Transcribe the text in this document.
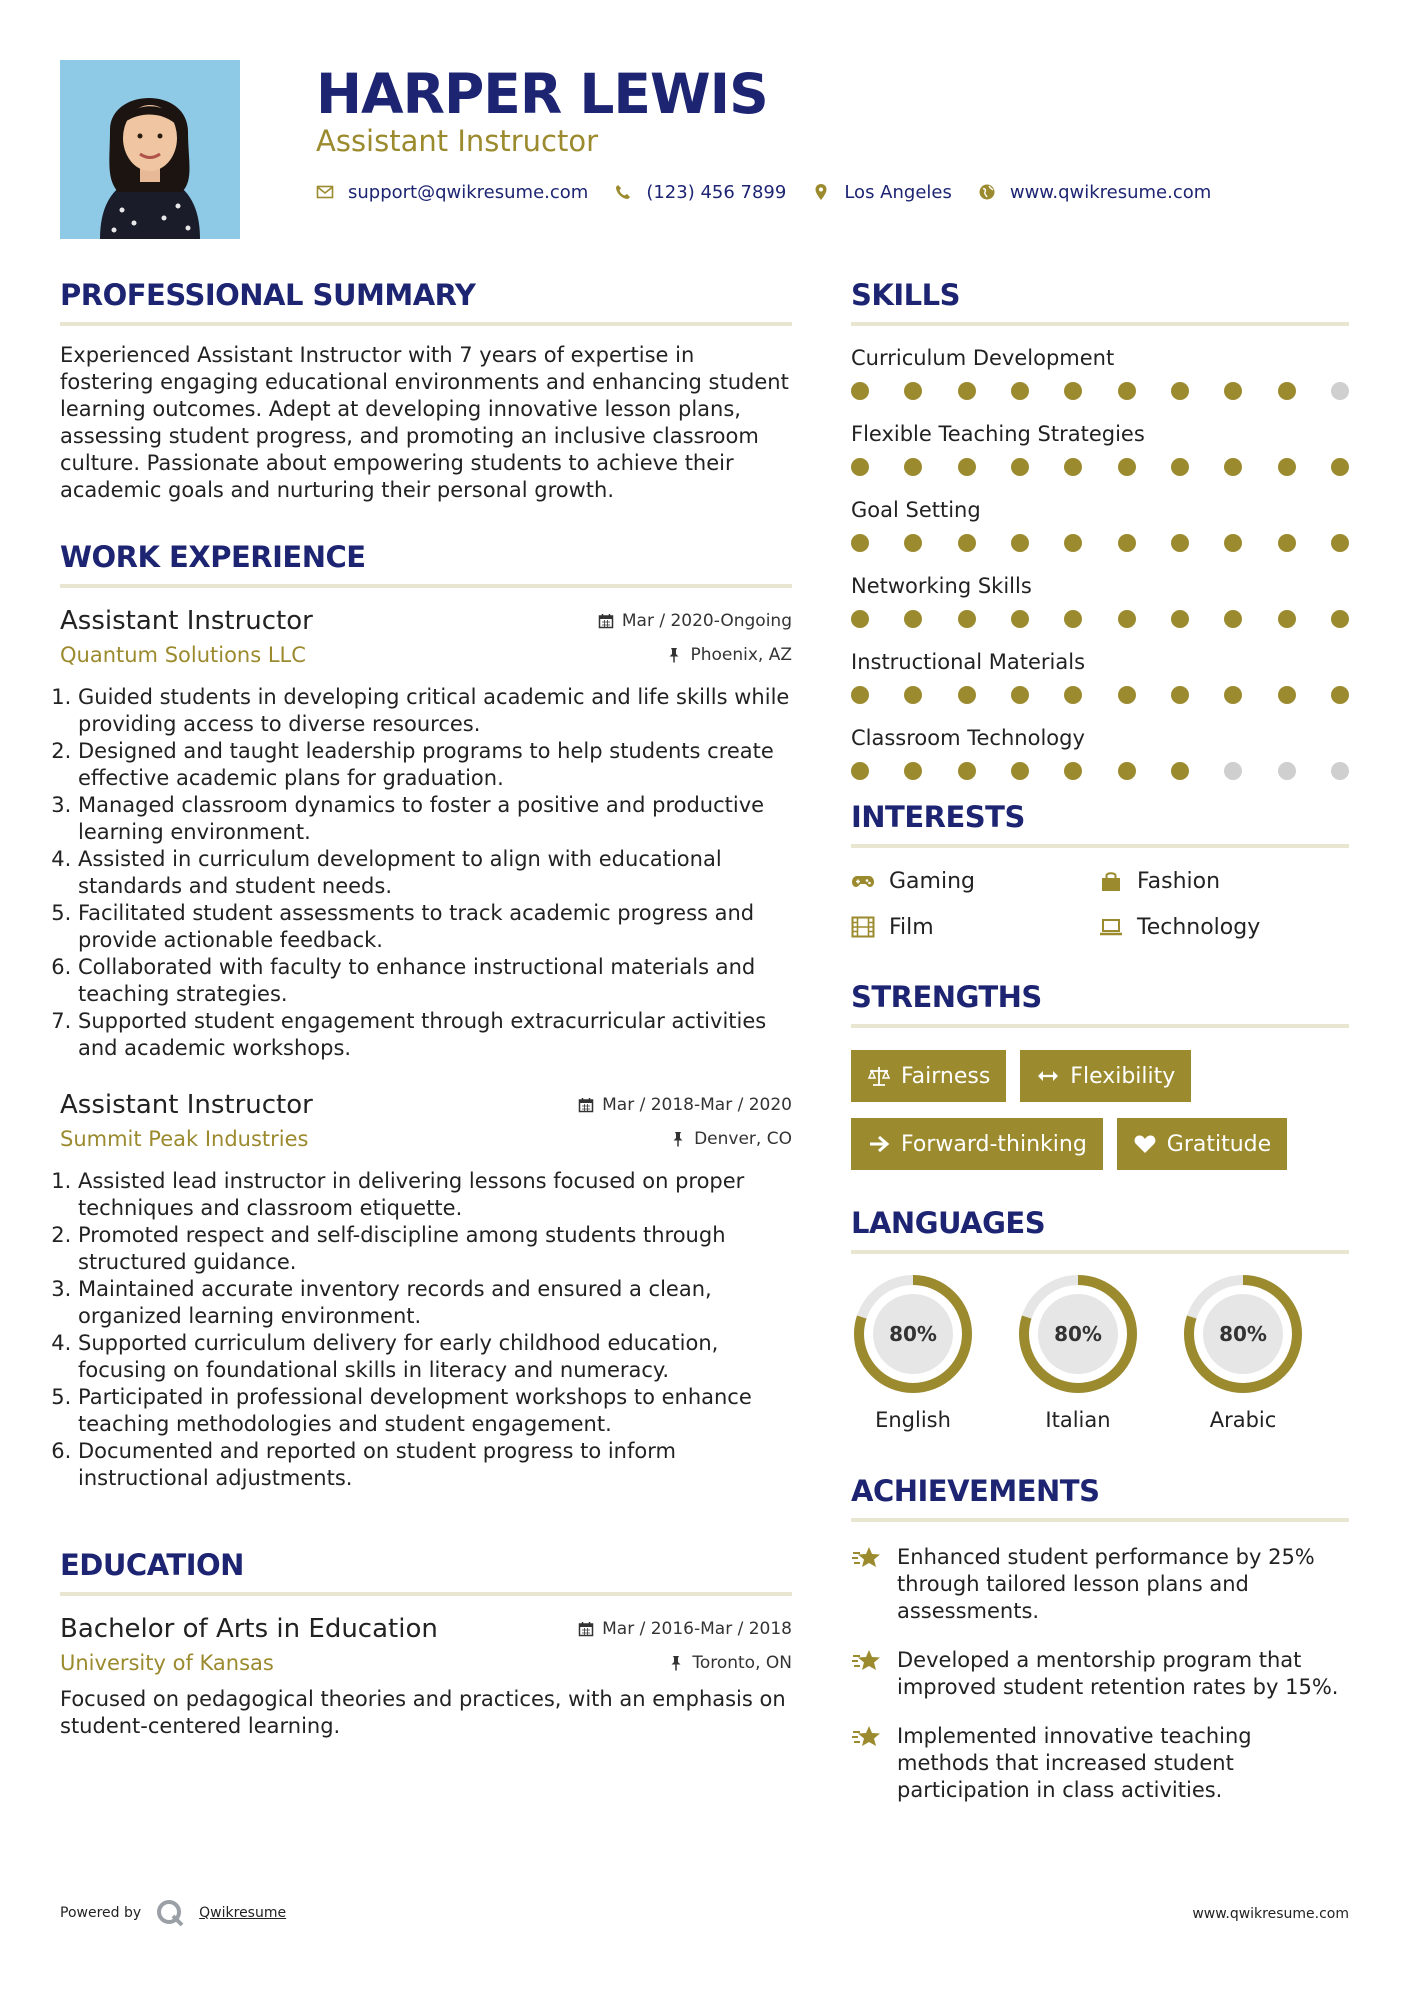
HARPER LEWIS
Assistant Instructor
support@qwikresume.com	(123) 456 7899	Los Angeles	www.qwikresume.com
PROFESSIONAL SUMMARY

Experienced Assistant Instructor with 7 years of expertise in fostering engaging educational environments and enhancing student learning outcomes. Adept at developing innovative lesson plans, assessing student progress, and promoting an inclusive classroom culture. Passionate about empowering students to achieve their academic goals and nurturing their personal growth.

WORK EXPERIENCE
Assistant Instructor	Mar / 2020-Ongoing
Quantum Solutions LLC	Phoenix, AZ
1. Guided students in developing critical academic and life skills while providing access to diverse resources.
2. Designed and taught leadership programs to help students create effective academic plans for graduation.
3. Managed classroom dynamics to foster a positive and productive learning environment.
4. Assisted in curriculum development to align with educational standards and student needs.
5. Facilitated student assessments to track academic progress and provide actionable feedback.
6. Collaborated with faculty to enhance instructional materials and teaching strategies.
7. Supported student engagement through extracurricular activities and academic workshops.
Assistant Instructor	Mar / 2018-Mar / 2020
Summit Peak Industries	Denver, CO
1. Assisted lead instructor in delivering lessons focused on proper techniques and classroom etiquette.
2. Promoted respect and self-discipline among students through structured guidance.
3. Maintained accurate inventory records and ensured a clean, organized learning environment.
4. Supported curriculum delivery for early childhood education, focusing on foundational skills in literacy and numeracy.
5. Participated in professional development workshops to enhance teaching methodologies and student engagement.
6. Documented and reported on student progress to inform instructional adjustments.
EDUCATION
Bachelor of Arts in Education	Mar / 2016-Mar / 2018
University of Kansas	Toronto, ON

Focused on pedagogical theories and practices, with an emphasis on student-centered learning.

SKILLS
Curriculum Development
Flexible Teaching Strategies
Goal Setting
Networking Skills
Instructional Materials
Classroom Technology
INTERESTS
Gaming	Fashion
Film	Technology
STRENGTHS
Fairness	Flexibility
Forward-thinking	Gratitude
LANGUAGES
80%
English
80%
Italian
80%
Arabic
ACHIEVEMENTS
Enhanced student performance by 25% through tailored lesson plans and assessments.
Developed a mentorship program that improved student retention rates by 15%.
Implemented innovative teaching methods that increased student participation in class activities.
Powered by	Qwikresume	www.qwikresume.com
